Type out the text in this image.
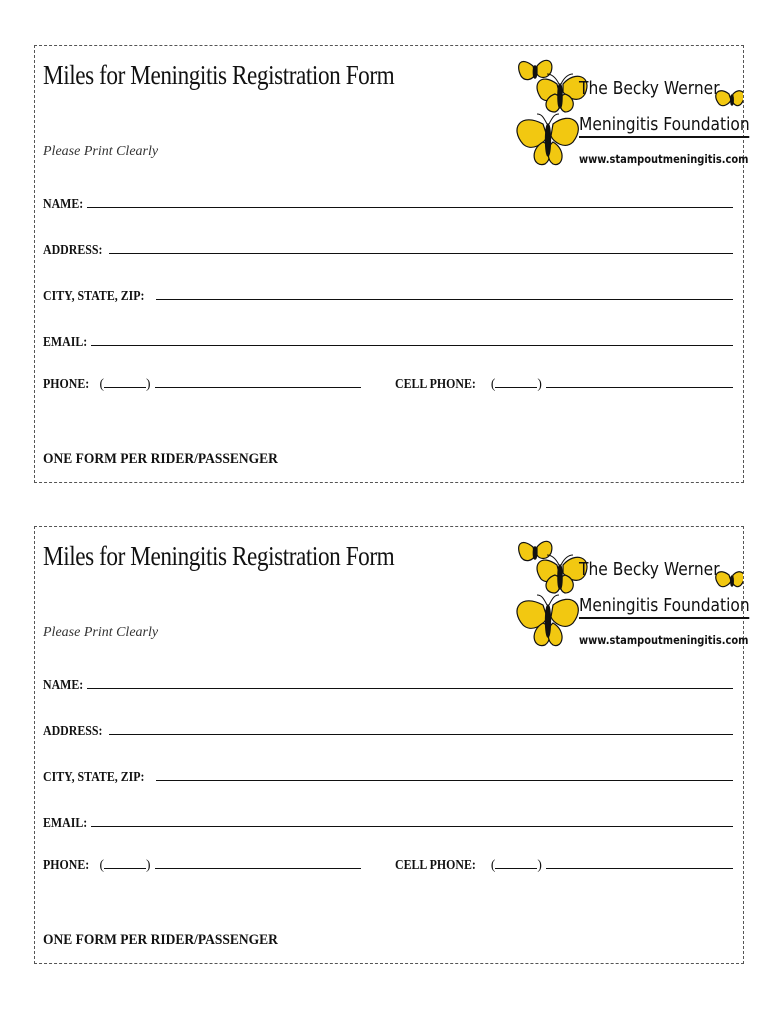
Miles for Meningitis Registration Form
Please Print Clearly
The Becky Werner
Meningitis Foundation
www.stampoutmeningitis.com
NAME:
ADDRESS:
CITY, STATE, ZIP:
EMAIL:
PHONE: (	)	CELL PHONE: (	)
ONE FORM PER RIDER/PASSENGER
Miles for Meningitis Registration Form
Please Print Clearly
The Becky Werner
Meningitis Foundation
www.stampoutmeningitis.com
NAME:
ADDRESS:
CITY, STATE, ZIP:
EMAIL:
PHONE: (	)	CELL PHONE: (	)
ONE FORM PER RIDER/PASSENGER
